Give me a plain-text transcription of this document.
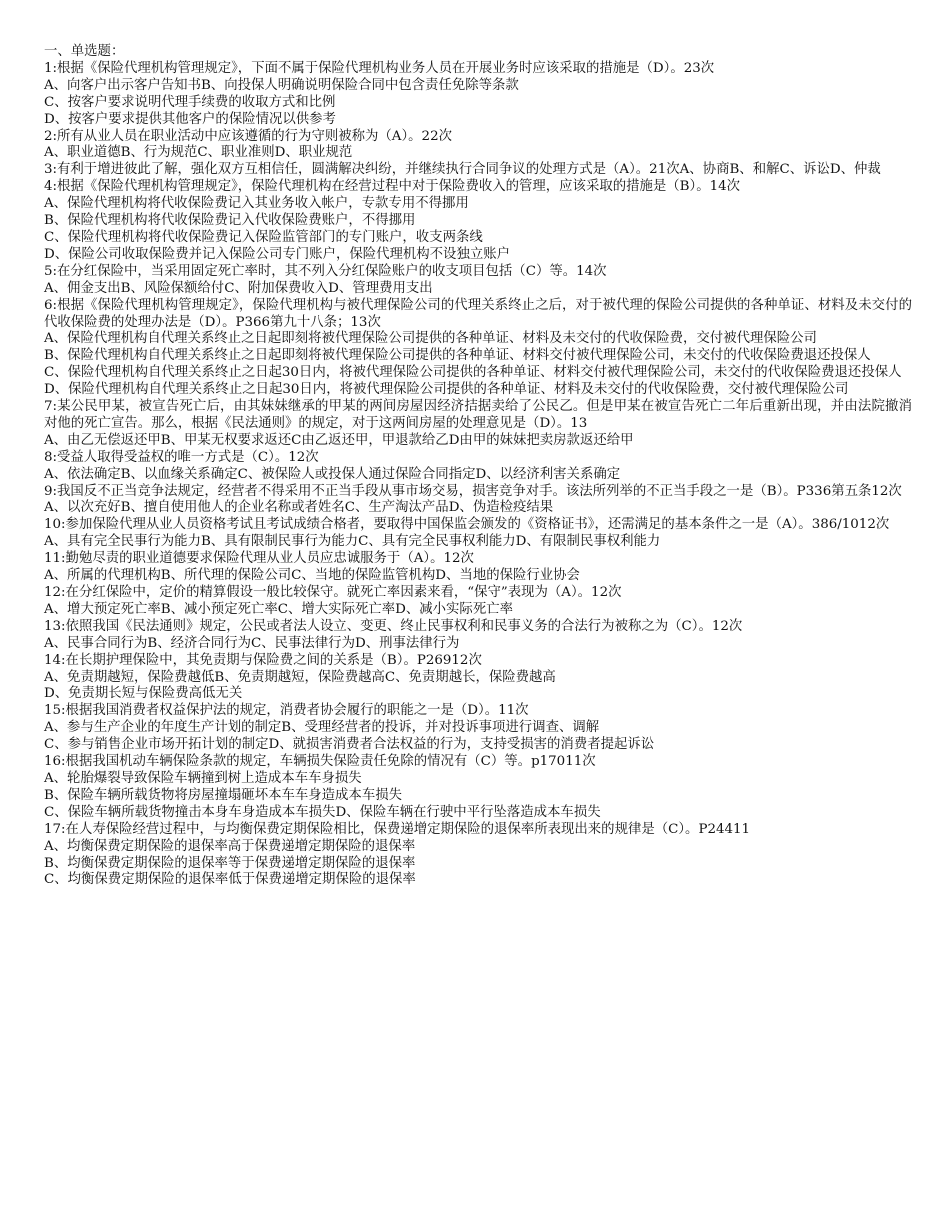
一、单选题：

1:根据《保险代理机构管理规定》，下面不属于保险代理机构业务人员在开展业务时应该采取的措施是（D）。23次

A、向客户出示客户告知书B、向投保人明确说明保险合同中包含责任免除等条款

C、按客户要求说明代理手续费的收取方式和比例

D、按客户要求提供其他客户的保险情况以供参考

2:所有从业人员在职业活动中应该遵循的行为守则被称为（A）。22次

A、职业道德B、行为规范C、职业准则D、职业规范

3:有利于增进彼此了解，强化双方互相信任，圆满解决纠纷，并继续执行合同争议的处理方式是（A）。21次A、协商B、和解C、诉讼D、仲裁

4:根据《保险代理机构管理规定》，保险代理机构在经营过程中对于保险费收入的管理，应该采取的措施是（B）。14次

A、保险代理机构将代收保险费记入其业务收入帐户，专款专用不得挪用

B、保险代理机构将代收保险费记入代收保险费账户，不得挪用

C、保险代理机构将代收保险费记入保险监管部门的专门账户，收支两条线

D、保险公司收取保险费并记入保险公司专门账户，保险代理机构不设独立账户

5:在分红保险中，当采用固定死亡率时，其不列入分红保险账户的收支项目包括（C）等。14次

A、佣金支出B、风险保额给付C、附加保费收入D、管理费用支出

6:根据《保险代理机构管理规定》，保险代理机构与被代理保险公司的代理关系终止之后，对于被代理的保险公司提供的各种单证、材料及未交付的代收保险费的处理办法是（D）。P366第九十八条；13次

A、保险代理机构自代理关系终止之日起即刻将被代理保险公司提供的各种单证、材料及未交付的代收保险费，交付被代理保险公司

B、保险代理机构自代理关系终止之日起即刻将被代理保险公司提供的各种单证、材料交付被代理保险公司，未交付的代收保险费退还投保人

C、保险代理机构自代理关系终止之日起30日内，将被代理保险公司提供的各种单证、材料交付被代理保险公司，未交付的代收保险费退还投保人

D、保险代理机构自代理关系终止之日起30日内，将被代理保险公司提供的各种单证、材料及未交付的代收保险费，交付被代理保险公司

7:某公民甲某，被宣告死亡后，由其妹妹继承的甲某的两间房屋因经济拮据卖给了公民乙。但是甲某在被宣告死亡二年后重新出现，并由法院撤消对他的死亡宣告。那么，根据《民法通则》的规定，对于这两间房屋的处理意见是（D）。13

A、由乙无偿返还甲B、甲某无权要求返还C由乙返还甲，甲退款给乙D由甲的妹妹把卖房款返还给甲

8:受益人取得受益权的唯一方式是（C）。12次

A、依法确定B、以血缘关系确定C、被保险人或投保人通过保险合同指定D、以经济利害关系确定

9:我国反不正当竞争法规定，经营者不得采用不正当手段从事市场交易，损害竞争对手。该法所列举的不正当手段之一是（B）。P336第五条12次

A、以次充好B、擅自使用他人的企业名称或者姓名C、生产淘汰产品D、伪造检疫结果

10:参加保险代理从业人员资格考试且考试成绩合格者，要取得中国保监会颁发的《资格证书》，还需满足的基本条件之一是（A）。386/1012次

A、具有完全民事行为能力B、具有限制民事行为能力C、具有完全民事权利能力D、有限制民事权利能力

11:勤勉尽责的职业道德要求保险代理从业人员应忠诚服务于（A）。12次

A、所属的代理机构B、所代理的保险公司C、当地的保险监管机构D、当地的保险行业协会

12:在分红保险中，定价的精算假设一般比较保守。就死亡率因素来看，“保守”表现为（A）。12次

A、增大预定死亡率B、减小预定死亡率C、增大实际死亡率D、减小实际死亡率

13:依照我国《民法通则》规定，公民或者法人设立、变更、终止民事权利和民事义务的合法行为被称之为（C）。12次

A、民事合同行为B、经济合同行为C、民事法律行为D、刑事法律行为

14:在长期护理保险中，其免责期与保险费之间的关系是（B）。P26912次

A、免责期越短，保险费越低B、免责期越短，保险费越高C、免责期越长，保险费越高

D、免责期长短与保险费高低无关

15:根据我国消费者权益保护法的规定，消费者协会履行的职能之一是（D）。11次

A、参与生产企业的年度生产计划的制定B、受理经营者的投诉，并对投诉事项进行调查、调解

C、参与销售企业市场开拓计划的制定D、就损害消费者合法权益的行为，支持受损害的消费者提起诉讼

16:根据我国机动车辆保险条款的规定，车辆损失保险责任免除的情况有（C）等。p17011次

A、轮胎爆裂导致保险车辆撞到树上造成本车车身损失

B、保险车辆所载货物将房屋撞塌砸坏本车车身造成本车损失

C、保险车辆所载货物撞击本身车身造成本车损失D、保险车辆在行驶中平行坠落造成本车损失

17:在人寿保险经营过程中，与均衡保费定期保险相比，保费递增定期保险的退保率所表现出来的规律是（C）。P24411

A、均衡保费定期保险的退保率高于保费递增定期保险的退保率

B、均衡保费定期保险的退保率等于保费递增定期保险的退保率

C、均衡保费定期保险的退保率低于保费递增定期保险的退保率
